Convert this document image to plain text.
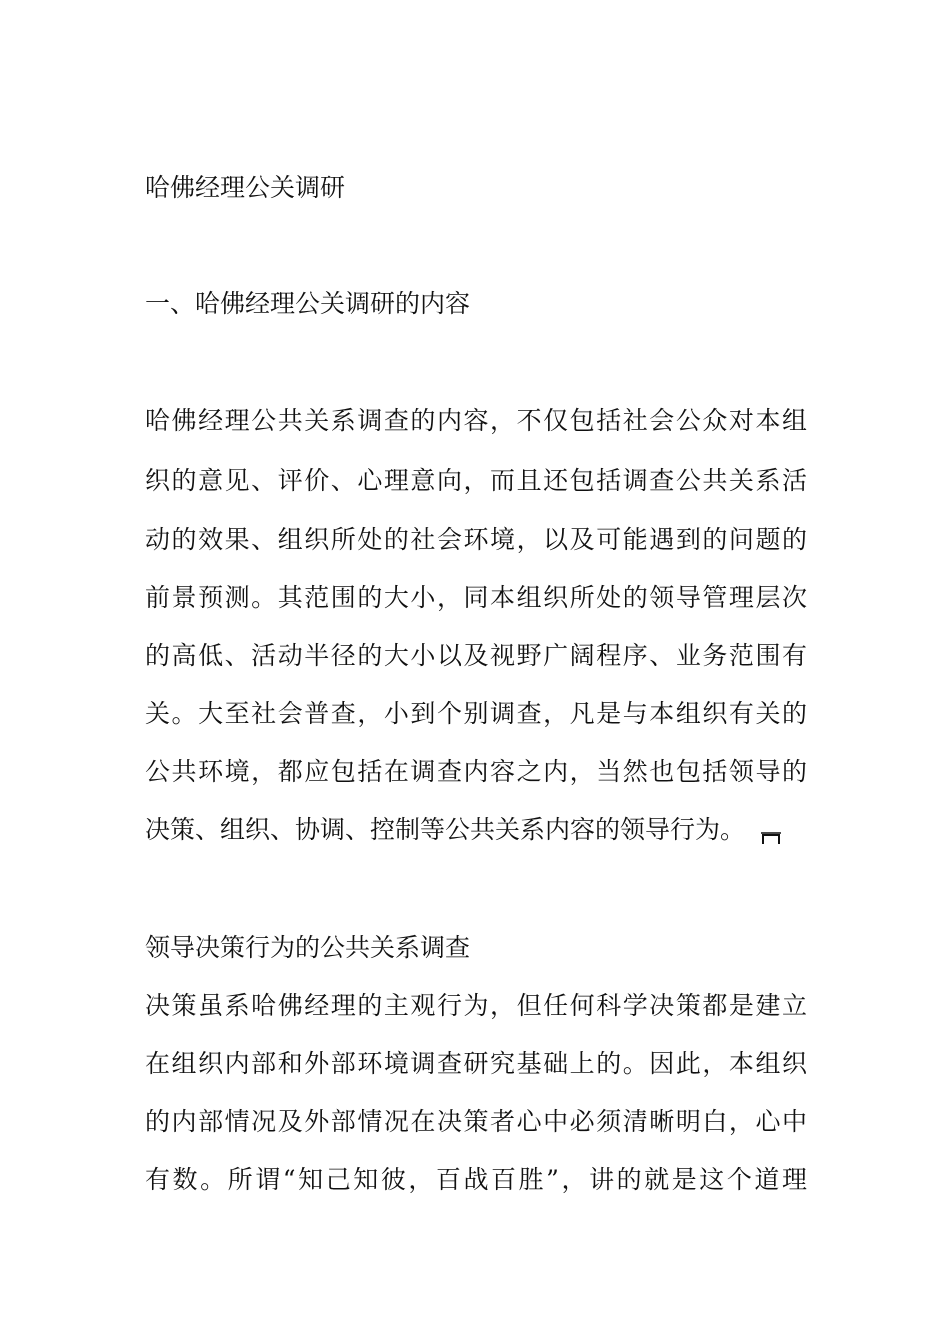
哈佛经理公关调研
一、哈佛经理公关调研的内容
哈佛经理公共关系调查的内容，不仅包括社会公众对本组
织的意见、评价、心理意向，而且还包括调查公共关系活
动的效果、组织所处的社会环境，以及可能遇到的问题的
前景预测。其范围的大小，同本组织所处的领导管理层次
的高低、活动半径的大小以及视野广阔程序、业务范围有
关。大至社会普查，小到个别调查，凡是与本组织有关的
公共环境，都应包括在调查内容之内，当然也包括领导的
决策、组织、协调、控制等公共关系内容的领导行为。
领导决策行为的公共关系调查
决策虽系哈佛经理的主观行为，但任何科学决策都是建立
在组织内部和外部环境调查研究基础上的。因此，本组织
的内部情况及外部情况在决策者心中必须清晰明白，心中
有数。所谓“知己知彼，百战百胜”，讲的就是这个道理
